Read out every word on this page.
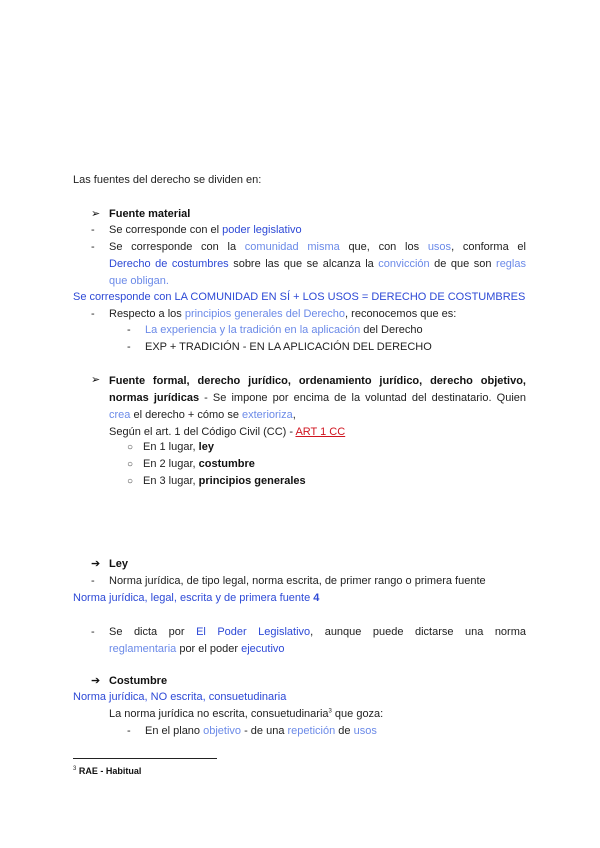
Las fuentes del derecho se dividen en:
➢ Fuente material
- Se corresponde con el poder legislativo
-	Se corresponde con la comunidad misma que, con los usos, conforma el
Derecho de costumbres sobre las que se alcanza la convicción de que son reglas
que obligan.
Se corresponde con LA COMUNIDAD EN SÍ + LOS USOS = DERECHO DE COSTUMBRES
- Respecto a los principios generales del Derecho, reconocemos que es:
- La experiencia y la tradición en la aplicación del Derecho
- EXP + TRADICIÓN - EN LA APLICACIÓN DEL DERECHO
➢ Fuente formal, derecho jurídico, ordenamiento jurídico, derecho objetivo,
normas jurídicas - Se impone por encima de la voluntad del destinatario. Quien
crea el derecho + cómo se exterioriza,
Según el art. 1 del Código Civil (CC) - ART 1 CC
○ En 1 lugar, ley
○ En 2 lugar, costumbre
○ En 3 lugar, principios generales
➔ Ley
- Norma jurídica, de tipo legal, norma escrita, de primer rango o primera fuente
Norma jurídica, legal, escrita y de primera fuente 4
-	Se dicta por El Poder Legislativo, aunque puede dictarse una norma
reglamentaria por el poder ejecutivo
➔ Costumbre
Norma jurídica, NO escrita, consuetudinaria
La norma jurídica no escrita, consuetudinaria$^3$ que goza:
- En el plano objetivo - de una repetición de usos
$^3$ RAE - Habitual
